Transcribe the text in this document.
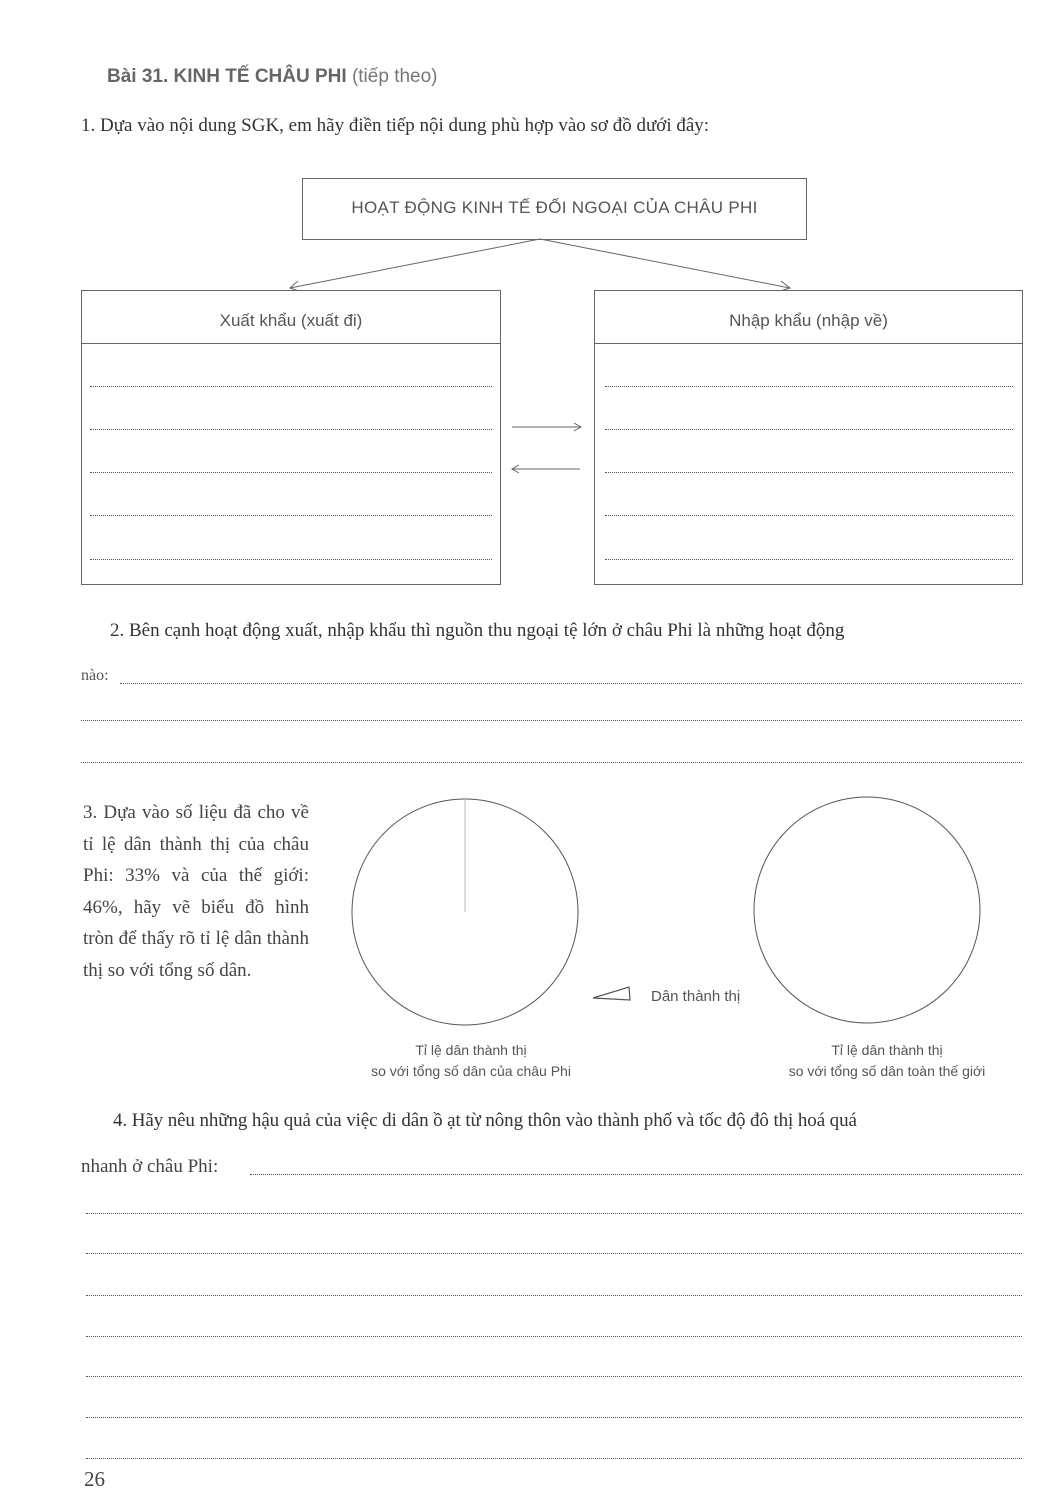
Bài 31. KINH TẾ CHÂU PHI (tiếp theo)
1. Dựa vào nội dung SGK, em hãy điền tiếp nội dung phù hợp vào sơ đồ dưới đây:
HOẠT ĐỘNG KINH TẾ ĐỐI NGOẠI CỦA CHÂU PHI
Xuất khẩu (xuất đi)	Nhập khẩu (nhập về)
2. Bên cạnh hoạt động xuất, nhập khẩu thì nguồn thu ngoại tệ lớn ở châu Phi là những hoạt động
nào:
3. Dựa vào số liệu đã cho về tỉ lệ dân thành thị của châu Phi: 33% và của thế giới: 46%, hãy vẽ biểu đồ hình tròn để thấy rõ tỉ lệ dân thành thị so với tổng số dân.
Dân thành thị
Tỉ lệ dân thành thị
so với tổng số dân của châu Phi
Tỉ lệ dân thành thị
so với tổng số dân toàn thế giới
4. Hãy nêu những hậu quả của việc di dân ồ ạt từ nông thôn vào thành phố và tốc độ đô thị hoá quá
nhanh ở châu Phi:
26
